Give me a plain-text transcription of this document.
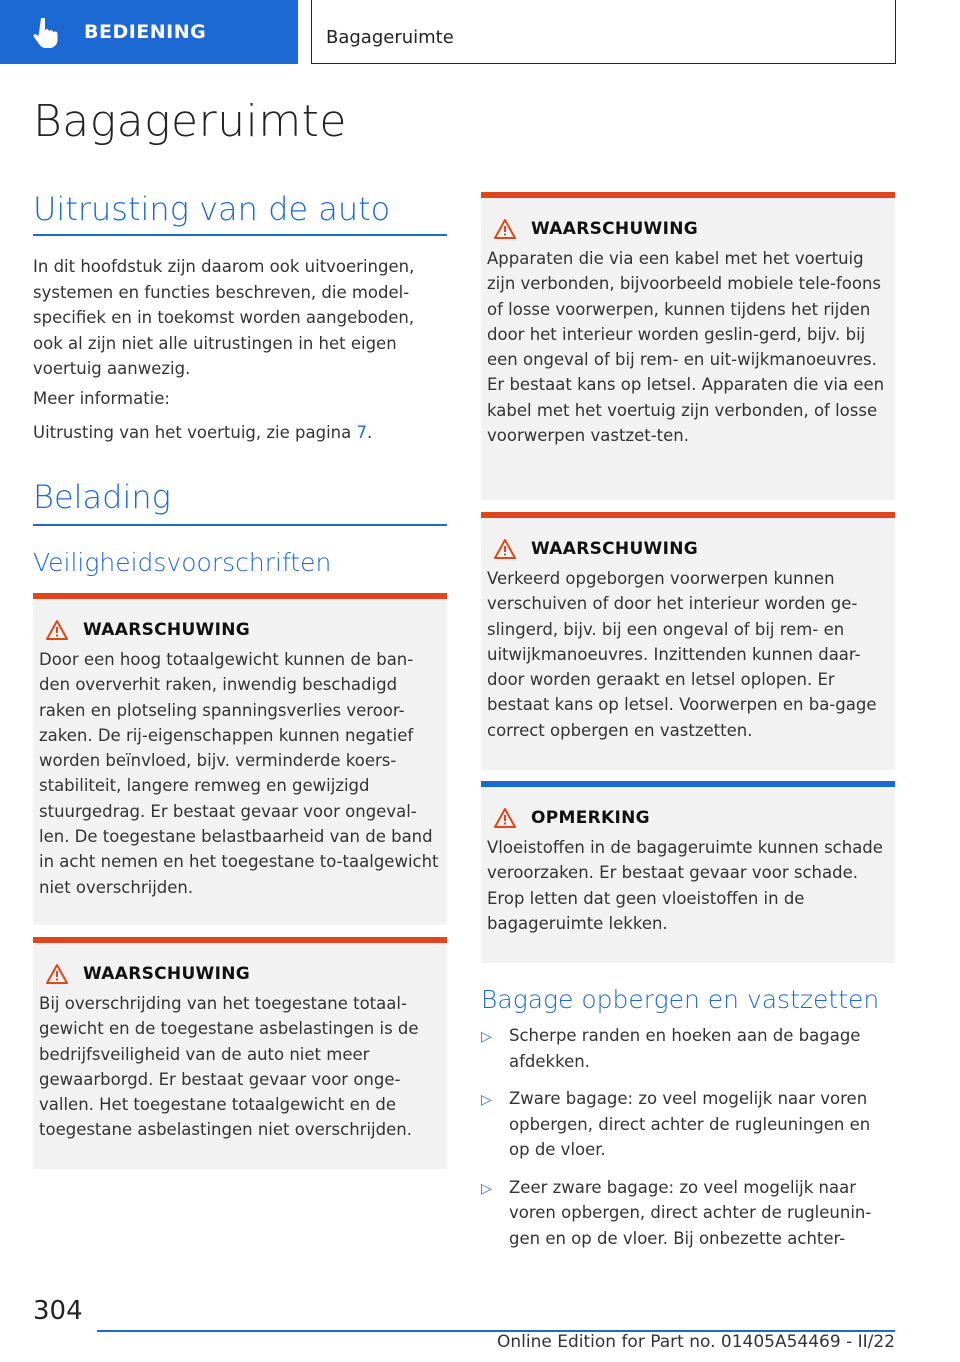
BEDIENING	Bagageruimte
Bagageruimte
Uitrusting van de auto
In dit hoofdstuk zijn daarom ook uitvoeringen, systemen en functies beschreven, die model-specifiek en in toekomst worden aangeboden, ook al zijn niet alle uitrustingen in het eigen voertuig aanwezig.
Meer informatie:
Uitrusting van het voertuig, zie pagina 7.
Belading
Veiligheidsvoorschriften
WAARSCHUWING
Door een hoog totaalgewicht kunnen de ban-den oververhit raken, inwendig beschadigd raken en plotseling spanningsverlies veroor-zaken. De rij-eigenschappen kunnen negatief worden beïnvloed, bijv. verminderde koers-stabiliteit, langere remweg en gewijzigd stuurgedrag. Er bestaat gevaar voor ongeval-len. De toegestane belastbaarheid van de band in acht nemen en het toegestane to-taalgewicht niet overschrijden.
WAARSCHUWING
Bij overschrijding van het toegestane totaal-gewicht en de toegestane asbelastingen is de bedrijfsveiligheid van de auto niet meer gewaarborgd. Er bestaat gevaar voor onge-vallen. Het toegestane totaalgewicht en de toegestane asbelastingen niet overschrijden.
WAARSCHUWING
Apparaten die via een kabel met het voertuig zijn verbonden, bijvoorbeeld mobiele tele-foons of losse voorwerpen, kunnen tijdens het rijden door het interieur worden geslin-gerd, bijv. bij een ongeval of bij rem- en uit-wijkmanoeuvres. Er bestaat kans op letsel. Apparaten die via een kabel met het voertuig zijn verbonden, of losse voorwerpen vastzet-ten.
WAARSCHUWING
Verkeerd opgeborgen voorwerpen kunnen verschuiven of door het interieur worden ge-slingerd, bijv. bij een ongeval of bij rem- en uitwijkmanoeuvres. Inzittenden kunnen daar-door worden geraakt en letsel oplopen. Er bestaat kans op letsel. Voorwerpen en ba-gage correct opbergen en vastzetten.
OPMERKING
Vloeistoffen in de bagageruimte kunnen schade veroorzaken. Er bestaat gevaar voor schade. Erop letten dat geen vloeistoffen in de bagageruimte lekken.
Bagage opbergen en vastzetten
▷ Scherpe randen en hoeken aan de bagage afdekken.
▷ Zware bagage: zo veel mogelijk naar voren opbergen, direct achter de rugleuningen en op de vloer.
▷ Zeer zware bagage: zo veel mogelijk naar voren opbergen, direct achter de rugleunin-gen en op de vloer. Bij onbezette achter-
304
Online Edition for Part no. 01405A54469 - II/22
